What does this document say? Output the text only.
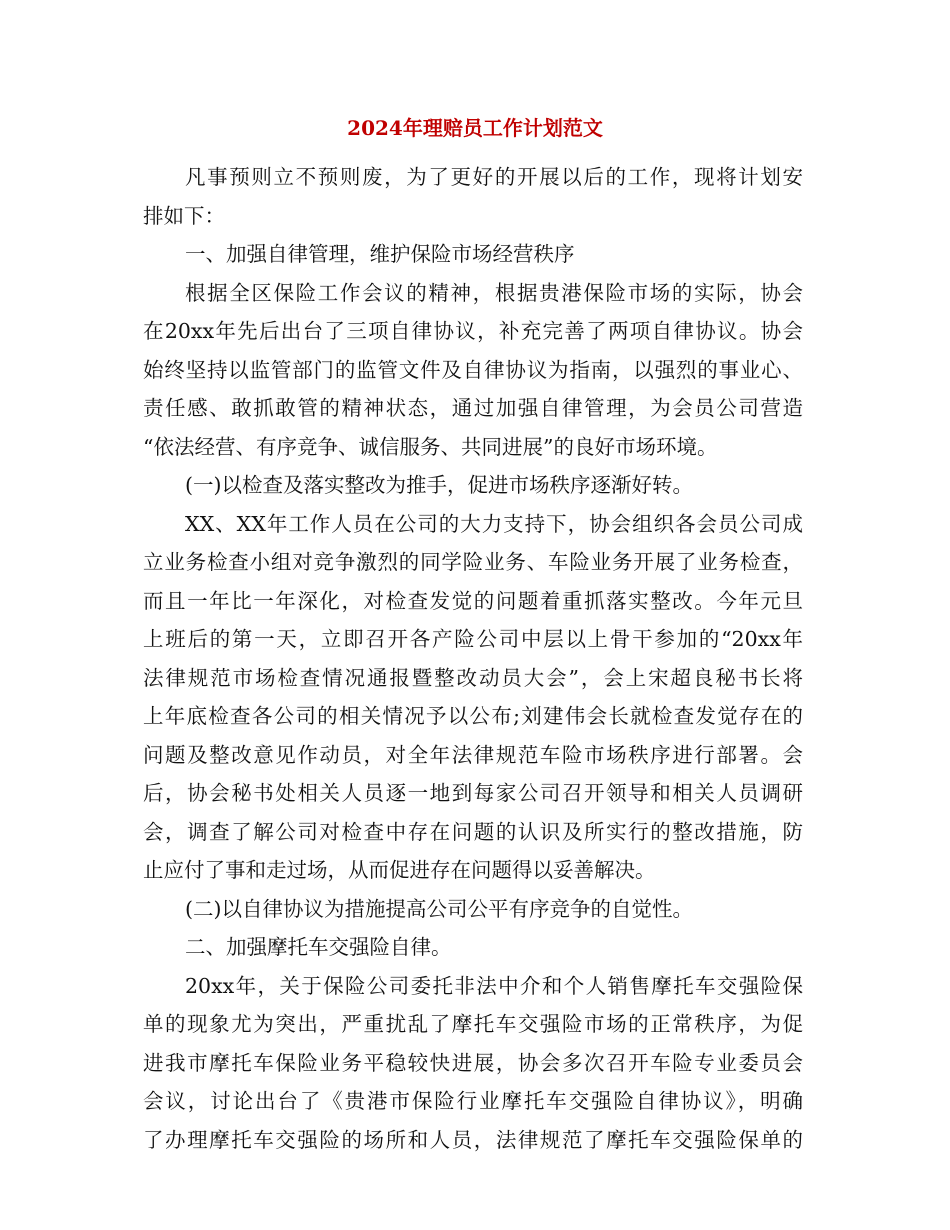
2024年理赔员工作计划范文
凡事预则立不预则废，为了更好的开展以后的工作，现将计划安
排如下：
一、加强自律管理，维护保险市场经营秩序
根据全区保险工作会议的精神，根据贵港保险市场的实际，协会
在20xx年先后出台了三项自律协议，补充完善了两项自律协议。协会
始终坚持以监管部门的监管文件及自律协议为指南，以强烈的事业心、
责任感、敢抓敢管的精神状态，通过加强自律管理，为会员公司营造
“依法经营、有序竞争、诚信服务、共同进展”的良好市场环境。
(一)以检查及落实整改为推手，促进市场秩序逐渐好转。
XX、XX年工作人员在公司的大力支持下，协会组织各会员公司成
立业务检查小组对竞争激烈的同学险业务、车险业务开展了业务检查，
而且一年比一年深化，对检查发觉的问题着重抓落实整改。今年元旦
上班后的第一天，立即召开各产险公司中层以上骨干参加的“20xx年
法律规范市场检查情况通报暨整改动员大会”，会上宋超良秘书长将
上年底检查各公司的相关情况予以公布;刘建伟会长就检查发觉存在的
问题及整改意见作动员，对全年法律规范车险市场秩序进行部署。会
后，协会秘书处相关人员逐一地到每家公司召开领导和相关人员调研
会，调查了解公司对检查中存在问题的认识及所实行的整改措施，防
止应付了事和走过场，从而促进存在问题得以妥善解决。
(二)以自律协议为措施提高公司公平有序竞争的自觉性。
二、加强摩托车交强险自律。
20xx年，关于保险公司委托非法中介和个人销售摩托车交强险保
单的现象尤为突出，严重扰乱了摩托车交强险市场的正常秩序，为促
进我市摩托车保险业务平稳较快进展，协会多次召开车险专业委员会
会议，讨论出台了《贵港市保险行业摩托车交强险自律协议》，明确
了办理摩托车交强险的场所和人员，法律规范了摩托车交强险保单的
